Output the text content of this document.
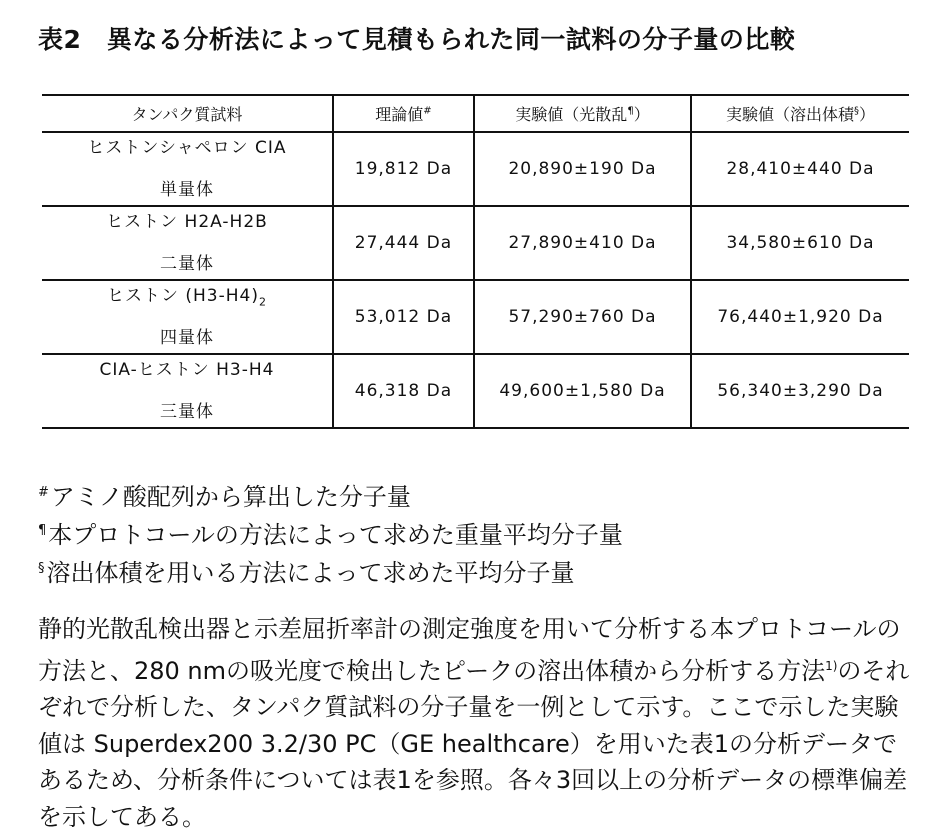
表2　異なる分析法によって見積もられた同一試料の分子量の比較
タンパク質試料	理論値#	実験値（光散乱¶）	実験値（溶出体積§）

ヒストンシャペロン CIA
単量体	19,812 Da	20,890±190 Da	28,410±440 Da

ヒストン H2A-H2B
二量体	27,444 Da	27,890±410 Da	34,580±610 Da

ヒストン $(H3-H4)_2$
四量体	53,012 Da	57,290±760 Da	76,440±1,920 Da

CIA-ヒストン H3-H4
三量体	46,318 Da	49,600±1,580 Da	56,340±3,290 Da
#アミノ酸配列から算出した分子量
¶本プロトコールの方法によって求めた重量平均分子量
§溶出体積を用いる方法によって求めた平均分子量
静的光散乱検出器と示差屈折率計の測定強度を用いて分析する本プロトコールの方法と、280 nmの吸光度で検出したピークの溶出体積から分析する方法$^{1)}$のそれぞれで分析した、タンパク質試料の分子量を一例として示す。ここで示した実験値は Superdex200 3.2/30 PC（GE healthcare）を用いた表1の分析データであるため、分析条件については表1を参照。各々3回以上の分析データの標準偏差を示してある。
